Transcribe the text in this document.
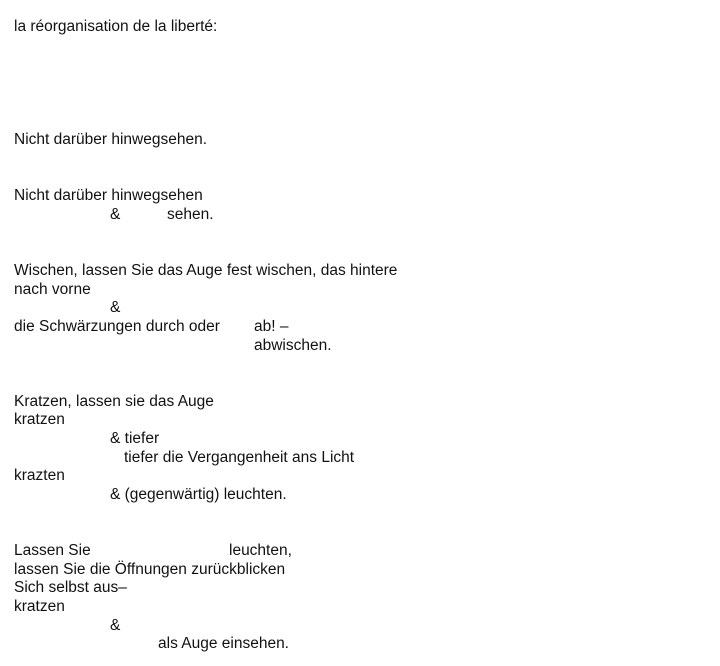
la réorganisation de la liberté:
Nicht darüber hinwegsehen.
Nicht darüber hinwegsehen
&	sehen.
Wischen, lassen Sie das Auge fest wischen, das hintere
nach vorne
&
die Schwärzungen durch oder ab! –
abwischen.
Kratzen, lassen sie das Auge
kratzen
& tiefer
tiefer die Vergangenheit ans Licht
krazten
& (gegenwärtig) leuchten.
Lassen Sie	leuchten,
lassen Sie die Öffnungen zurückblicken
Sich selbst aus–
kratzen
&
als Auge einsehen.
